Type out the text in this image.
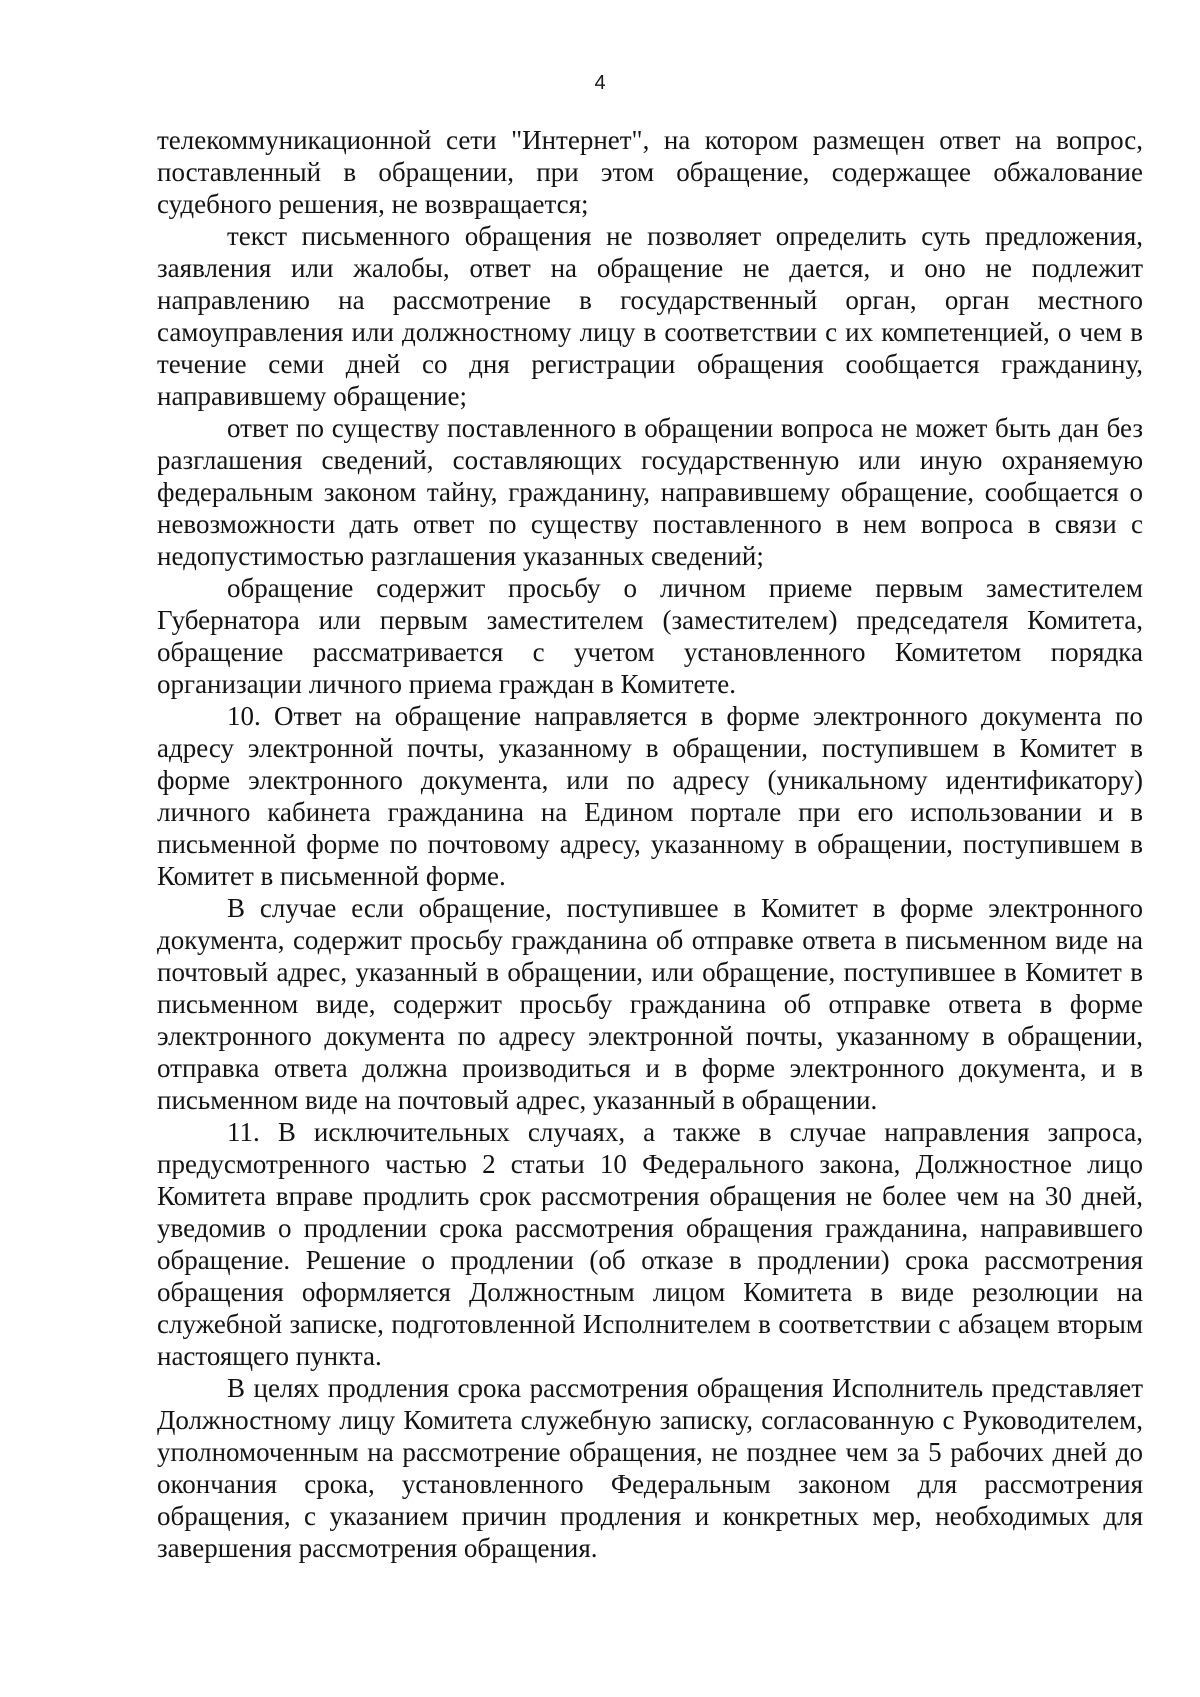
4

телекоммуникационной сети "Интернет", на котором размещен ответ на вопрос, поставленный в обращении, при этом обращение, содержащее обжалование судебного решения, не возвращается;

текст письменного обращения не позволяет определить суть предложения, заявления или жалобы, ответ на обращение не дается, и оно не подлежит направлению на рассмотрение в государственный орган, орган местного самоуправления или должностному лицу в соответствии с их компетенцией, о чем в течение семи дней со дня регистрации обращения сообщается гражданину, направившему обращение;

ответ по существу поставленного в обращении вопроса не может быть дан без разглашения сведений, составляющих государственную или иную охраняемую федеральным законом тайну, гражданину, направившему обращение, сообщается о невозможности дать ответ по существу поставленного в нем вопроса в связи с недопустимостью разглашения указанных сведений;

обращение содержит просьбу о личном приеме первым заместителем Губернатора или первым заместителем (заместителем) председателя Комитета, обращение рассматривается с учетом установленного Комитетом порядка организации личного приема граждан в Комитете.

10. Ответ на обращение направляется в форме электронного документа по адресу электронной почты, указанному в обращении, поступившем в Комитет в форме электронного документа, или по адресу (уникальному идентификатору) личного кабинета гражданина на Едином портале при его использовании и в письменной форме по почтовому адресу, указанному в обращении, поступившем в Комитет в письменной форме.

В случае если обращение, поступившее в Комитет в форме электронного документа, содержит просьбу гражданина об отправке ответа в письменном виде на почтовый адрес, указанный в обращении, или обращение, поступившее в Комитет в письменном виде, содержит просьбу гражданина об отправке ответа в форме электронного документа по адресу электронной почты, указанному в обращении, отправка ответа должна производиться и в форме электронного документа, и в письменном виде на почтовый адрес, указанный в обращении.

11. В исключительных случаях, а также в случае направления запроса, предусмотренного частью 2 статьи 10 Федерального закона, Должностное лицо Комитета вправе продлить срок рассмотрения обращения не более чем на 30 дней, уведомив о продлении срока рассмотрения обращения гражданина, направившего обращение. Решение о продлении (об отказе в продлении) срока рассмотрения обращения оформляется Должностным лицом Комитета в виде резолюции на служебной записке, подготовленной Исполнителем в соответствии с абзацем вторым настоящего пункта.

В целях продления срока рассмотрения обращения Исполнитель представляет Должностному лицу Комитета служебную записку, согласованную с Руководителем, уполномоченным на рассмотрение обращения, не позднее чем за 5 рабочих дней до окончания срока, установленного Федеральным законом для рассмотрения обращения, с указанием причин продления и конкретных мер, необходимых для завершения рассмотрения обращения.
